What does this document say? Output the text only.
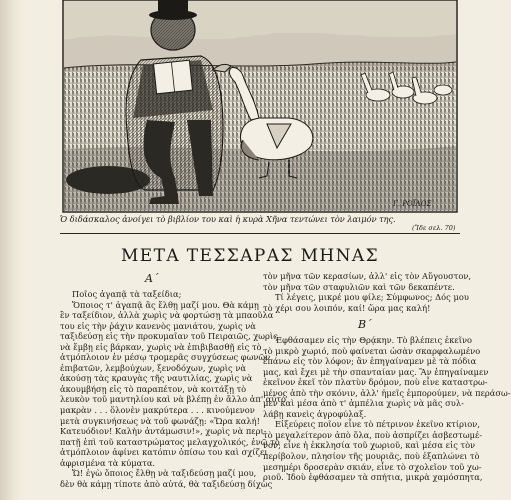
Γ. ΡΟΪΛΟΣ
Ὁ διδάσκαλος ἀνοίγει τὸ βιβλίον του καὶ ἡ κυρὰ Χῆνα τεντώνει τὸν λαιμόν της.
(Ἴδε σελ. 70)
ΜΕΤΑ ΤΕΣΣΑΡΑΣ ΜΗΝΑΣ
Α΄
Β΄
Ποῖος ἀγαπᾷ τὰ ταξείδια;
Ὅποιος τ' ἀγαπᾷ ἂς ἔλθῃ μαζί μου. Θὰ κάμῃ
ἓν ταξείδιον, ἀλλὰ χωρὶς νὰ φορτώσῃ τὰ μπαοῦλα
του εἰς τὴν ῥάχιν κανενὸς μανιάτου, χωρὶς νὰ
ταξιδεύσῃ εἰς τὴν προκυμαῖαν τοῦ Πειραιῶς, χωρὶς
νὰ ἔμβῃ εἰς βάρκαν, χωρὶς νὰ ἐπιβιβασθῇ εἰς τὸ
ἀτμόπλοιον ἐν μέσῳ τρομερᾶς συγχύσεως φωνῶν
ἐπιβατῶν, λεμβούχων, ξενοδόχων, χωρὶς νὰ
ἀκούσῃ τὰς κραυγὰς τῆς ναυτιλίας, χωρὶς νὰ
ἀκουμβήσῃ εἰς τὸ παραπέτον, νὰ κοιτάξῃ τὸ
λευκὸν τοῦ μαντηλίου καὶ νὰ βλέπῃ ἐν ἄλλο ἀπ' αὐτό
μακρὰν . . . ὅλονὲν μακρύτερα . . . κινούμενον
μετὰ συγκινήσεως νὰ τοῦ φωνάζῃ: «Ὥρα καλή!
Κατευόδιον! Καλὴν ἀντάμωσιν!», χωρὶς νὰ περι-
πατῇ ἐπὶ τοῦ καταστρώματος μελαγχολικός, ἐνῷ τὸ
ἀτμόπλοιον ἀφίνει κατόπιν ὀπίσω του καὶ σχίζει
ἀφρισμένα τὰ κύματα.
Ὤ! ἐγὼ ὅποιος ἔλθῃ νὰ ταξιδεύσῃ μαζί μου,
δὲν θὰ κάμῃ τίποτε ἀπὸ αὐτά, θὰ ταξιδεύσῃ δίχως
τὸν μῆνα τῶν κερασίων, ἀλλ' εἰς τὸν Αὔγουστον,
τὸν μῆνα τῶν σταφυλιῶν καὶ τῶν δεκαπέντε.
Τί λέγεις, μικρέ μου φίλε; Σύμφωνος; Δός μου
τὸ χέρι σου λοιπόν, καί! ὥρα μας καλή!
Ἐφθάσαμεν εἰς τὴν Θρᾴκην. Τὸ βλέπεις ἐκεῖνο
τὸ μικρὸ χωριό, ποὺ φαίνεται ὡσὰν σκαρφαλωμένο
ἐπάνω εἰς τὸν λόφον; ἂν ἐπηγαίναμεν μὲ τὰ πόδια
μας, καὶ ἔχει μὲ τὴν σπανταίαν μας. Ἂν ἐπηγαίναμεν
ἐκεῖνον ἐκεῖ τὸν πλατὺν δρόμον, ποὺ εἶνε καταστρω-
μένος ἀπὸ τὴν σκόνιν, ἀλλ' ἡμεῖς ἐμπορούμεν, νὰ περάσω-
μεν καὶ μέσα ἀπὸ τ' ἀμπέλια χωρὶς νὰ μᾶς συλ-
λάβῃ κανεὶς ἀγροφύλαξ.
Εἰξεύρεις ποῖον εἶνε τὸ πέτρινον ἐκεῖνο κτίριον,
τὸ μεγαλείτερον ἀπὸ ὅλα, ποὺ ἀσπρίζει ἀσβεστωμέ-
νον; εἶνε ἡ ἐκκλησία τοῦ χωριοῦ, καὶ μέσα εἰς τὸν
περίβολον, πλησίον τῆς μουριᾶς, ποὺ ἐξαπλώνει τὸ
μεσημέρι δροσερὰν σκιάν, εἶνε τὸ σχολεῖον τοῦ χω-
ριοῦ. Ἰδοὺ ἐφθάσαμεν τὰ σπήτια, μικρὰ χαμόσπητα,
